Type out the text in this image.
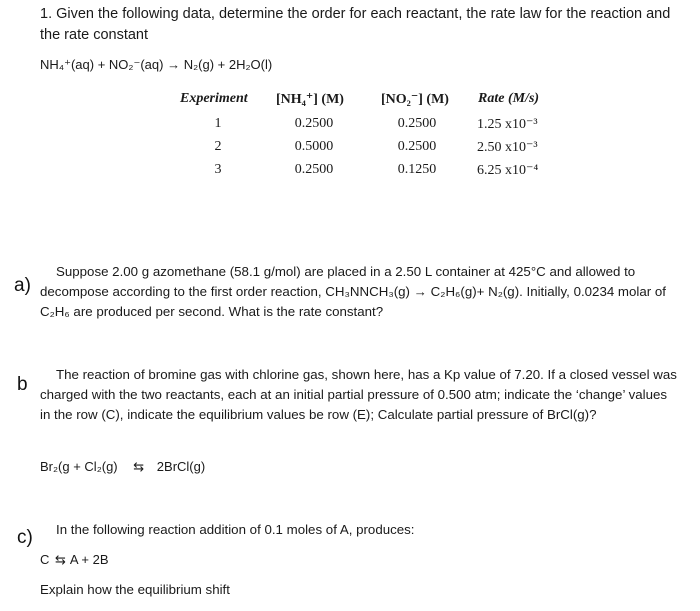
1. Given the following data, determine the order for each reactant, the rate law for the reaction and the rate constant
NH₄⁺(aq) + NO₂⁻(aq) → N₂(g) + 2H₂O(l)
Experiment [NH₄⁺] (M)	[NO₂⁻] (M) Rate (M/s)
1	0.2500	0.2500	1.25 x10⁻³
2	0.5000	0.2500	2.50 x10⁻³
3	0.2500	0.1250	6.25 x10⁻⁴
a)
Suppose 2.00 g azomethane (58.1 g/mol) are placed in a 2.50 L container at 425°C and allowed to decompose according to the first order reaction, CH₃NNCH₃(g) → C₂H₆(g)+ N₂(g). Initially, 0.0234 molar of C₂H₆ are produced per second. What is the rate constant?
b	The reaction of bromine gas with chlorine gas, shown here, has a Kp value of 7.20. If a closed vessel was charged with the two reactants, each at an initial partial pressure of 0.500 atm; indicate the ‘change’ values in the row (C), indicate the equilibrium values be row (E); Calculate partial pressure of BrCl(g)?
Br₂(g + Cl₂(g) ⇆ 2BrCl(g)
c)	In the following reaction addition of 0.1 moles of A, produces:
C ⇆ A + 2B
Explain how the equilibrium shift
